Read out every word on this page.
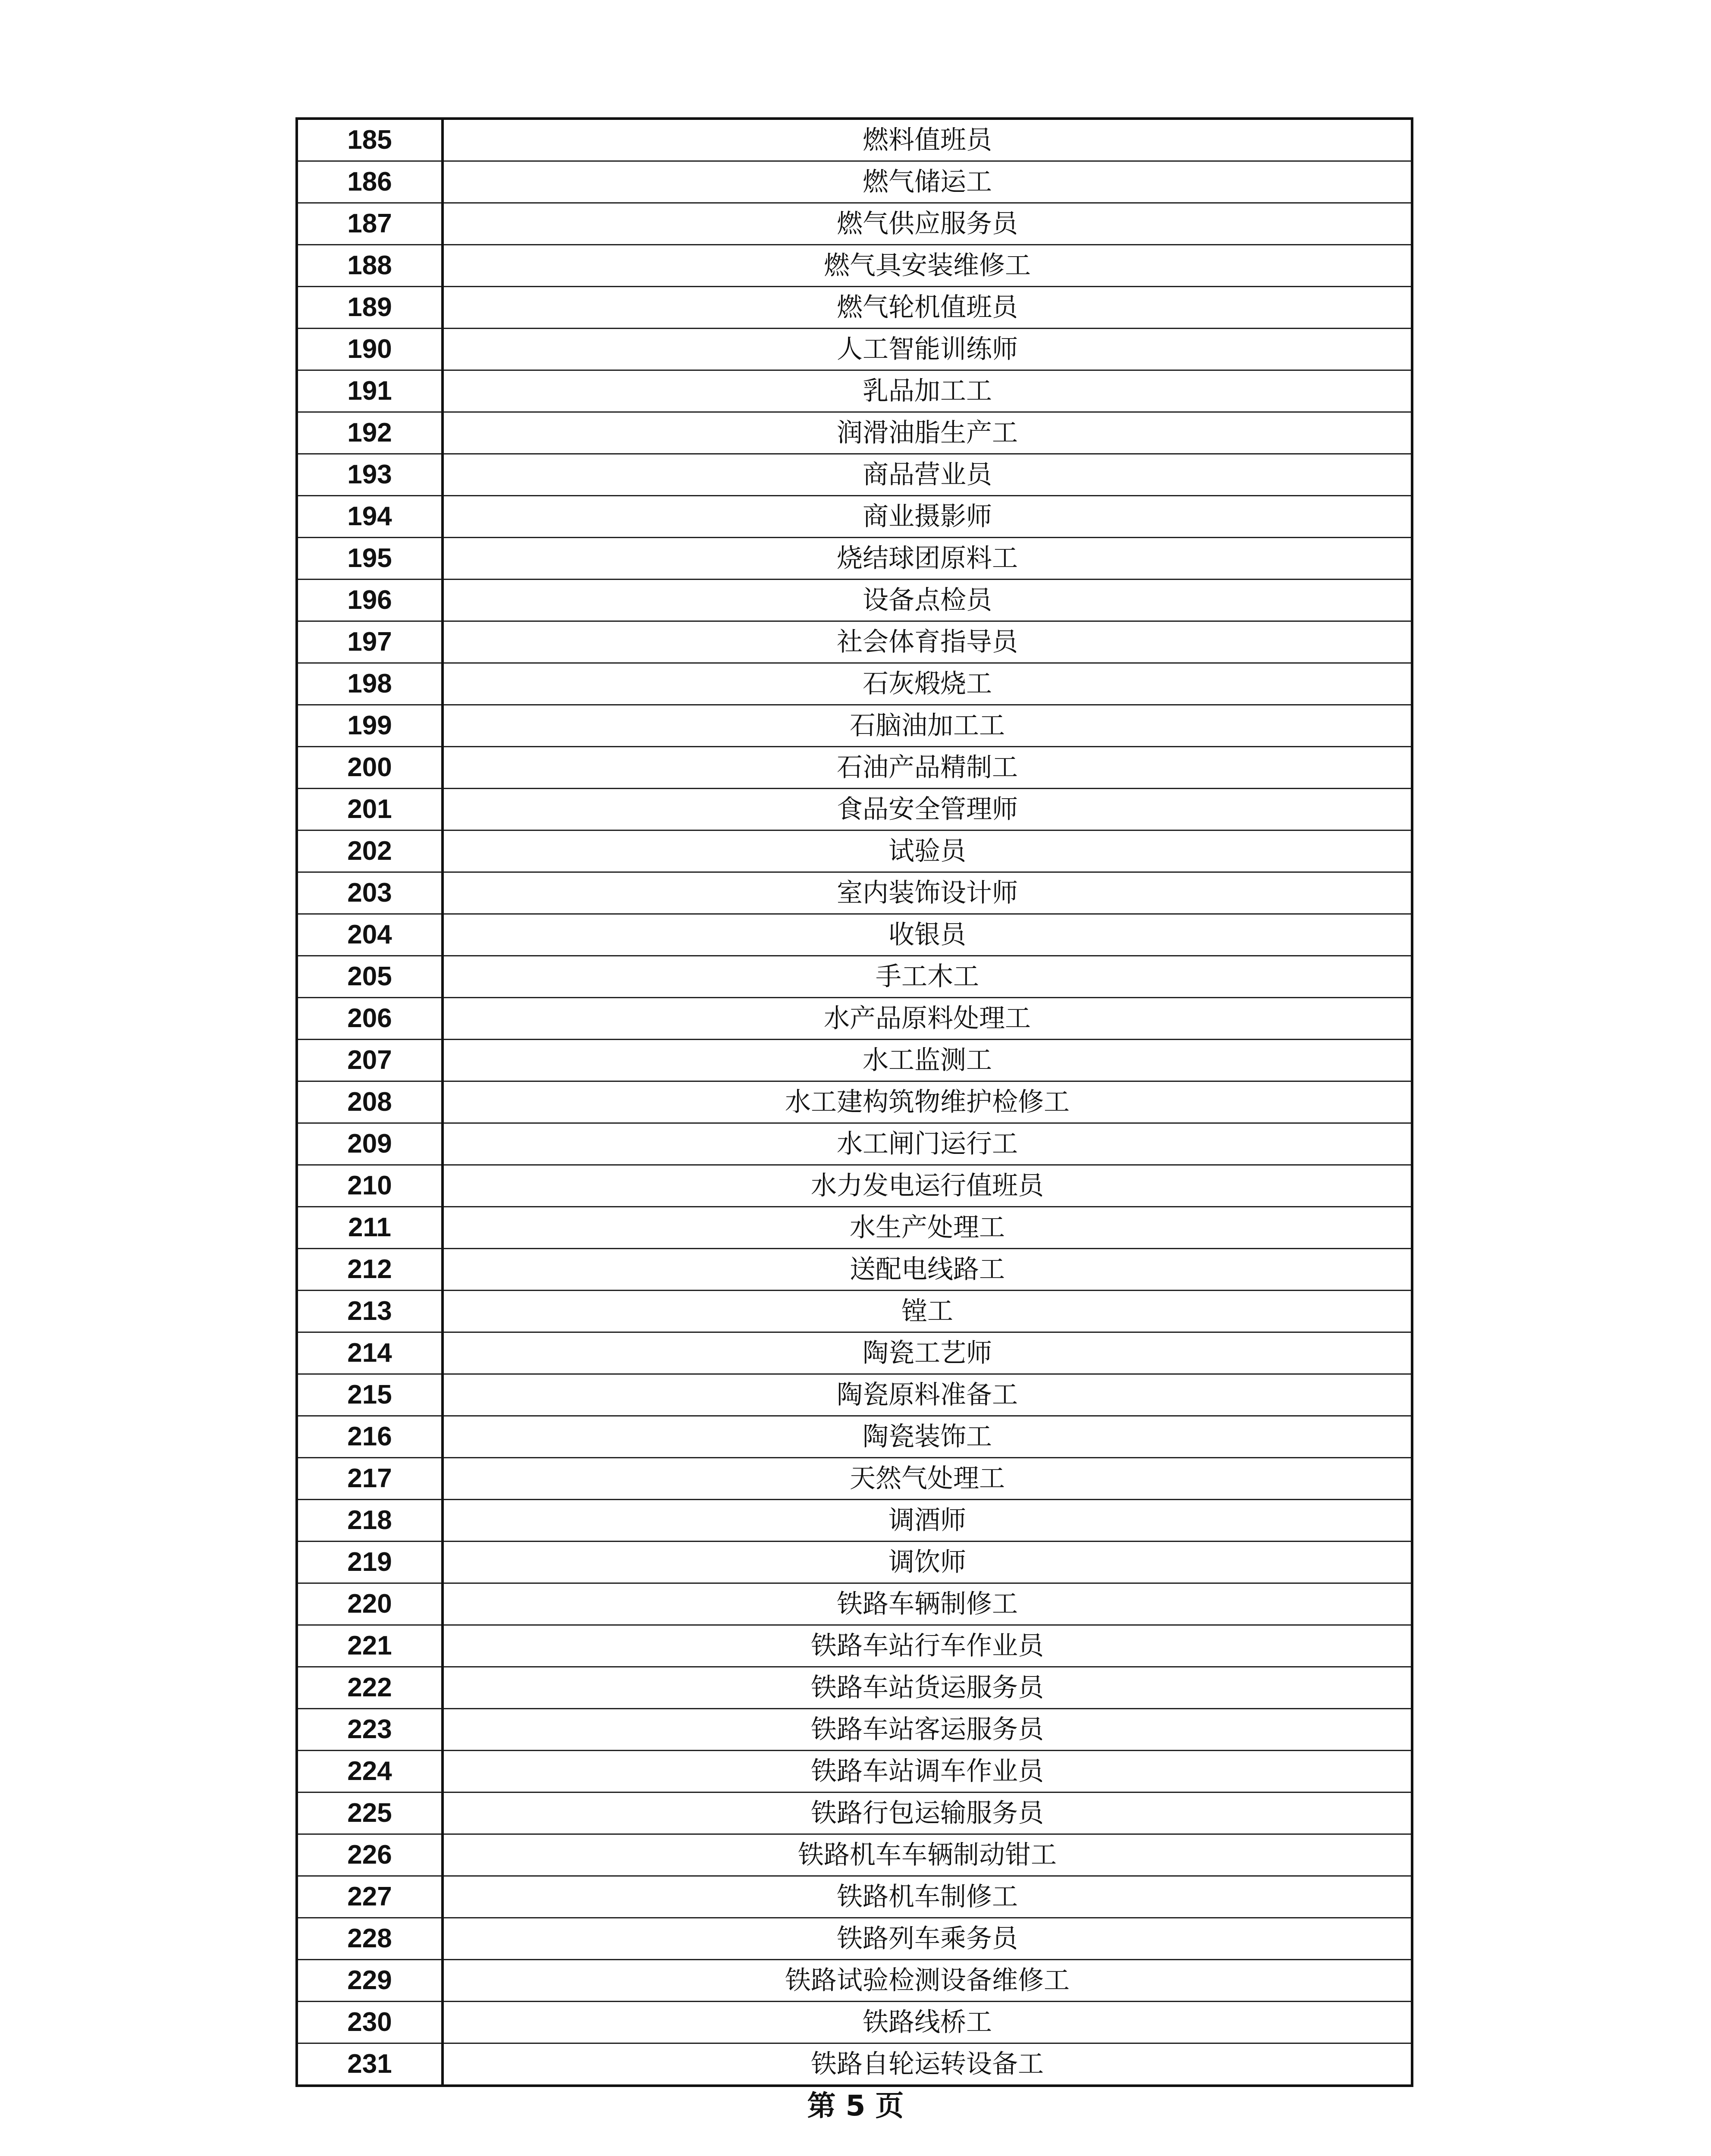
185	燃料值班员
186	燃气储运工
187	燃气供应服务员
188	燃气具安装维修工
189	燃气轮机值班员
190	人工智能训练师
191	乳品加工工
192	润滑油脂生产工
193	商品营业员
194	商业摄影师
195	烧结球团原料工
196	设备点检员
197	社会体育指导员
198	石灰煅烧工
199	石脑油加工工
200	石油产品精制工
201	食品安全管理师
202	试验员
203	室内装饰设计师
204	收银员
205	手工木工
206	水产品原料处理工
207	水工监测工
208	水工建构筑物维护检修工
209	水工闸门运行工
210	水力发电运行值班员
211	水生产处理工
212	送配电线路工
213	镗工
214	陶瓷工艺师
215	陶瓷原料准备工
216	陶瓷装饰工
217	天然气处理工
218	调酒师
219	调饮师
220	铁路车辆制修工
221	铁路车站行车作业员
222	铁路车站货运服务员
223	铁路车站客运服务员
224	铁路车站调车作业员
225	铁路行包运输服务员
226	铁路机车车辆制动钳工
227	铁路机车制修工
228	铁路列车乘务员
229	铁路试验检测设备维修工
230	铁路线桥工
231	铁路自轮运转设备工
第 5 页
